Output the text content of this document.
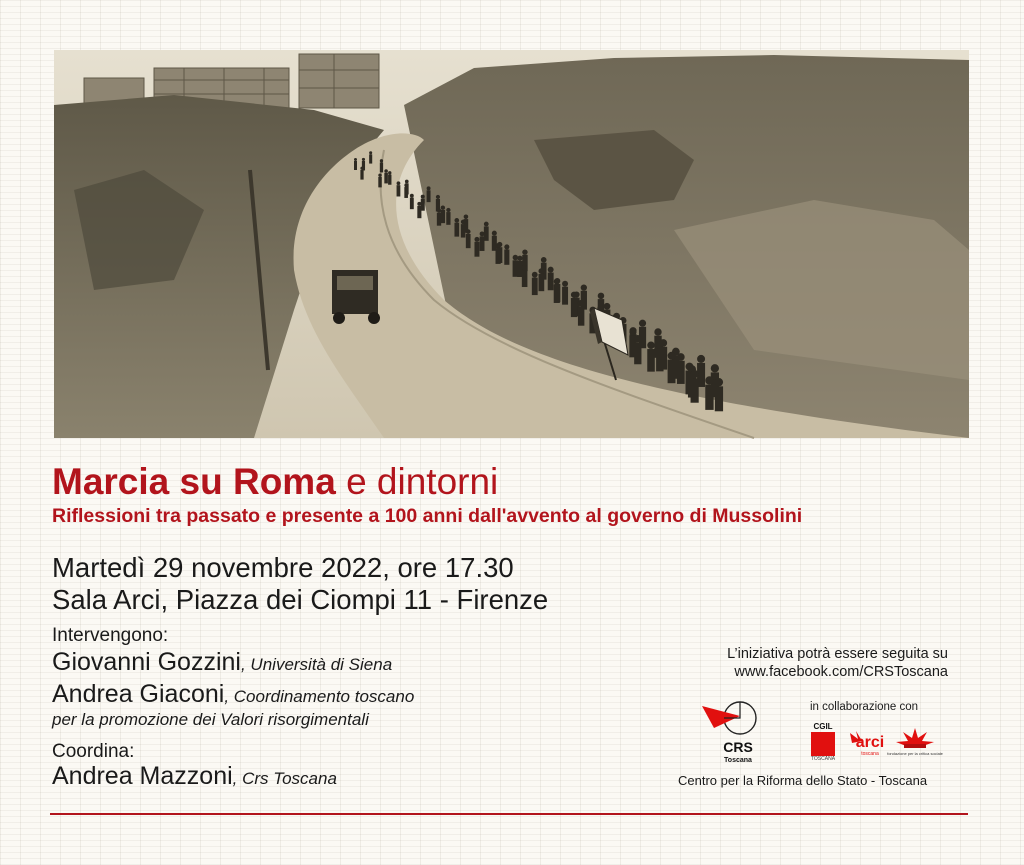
Marcia su Roma e dintorni

Riflessioni tra passato e presente a 100 anni dall'avvento al governo di Mussolini

Martedì 29 novembre 2022, ore 17.30
Sala Arci, Piazza dei Ciompi 11 - Firenze
Intervengono:
Giovanni Gozzini, Università di Siena
Andrea Giaconi, Coordinamento toscano
per la promozione dei Valori risorgimentali
Coordina:
Andrea Mazzoni, Crs Toscana
L’iniziativa potrà essere seguita su
www.facebook.com/CRSToscana
in collaborazione con
CRS
Toscana
CGIL
TOSCANA
arci
toscana fondazione per la critica sociale
Centro per la Riforma dello Stato - Toscana
